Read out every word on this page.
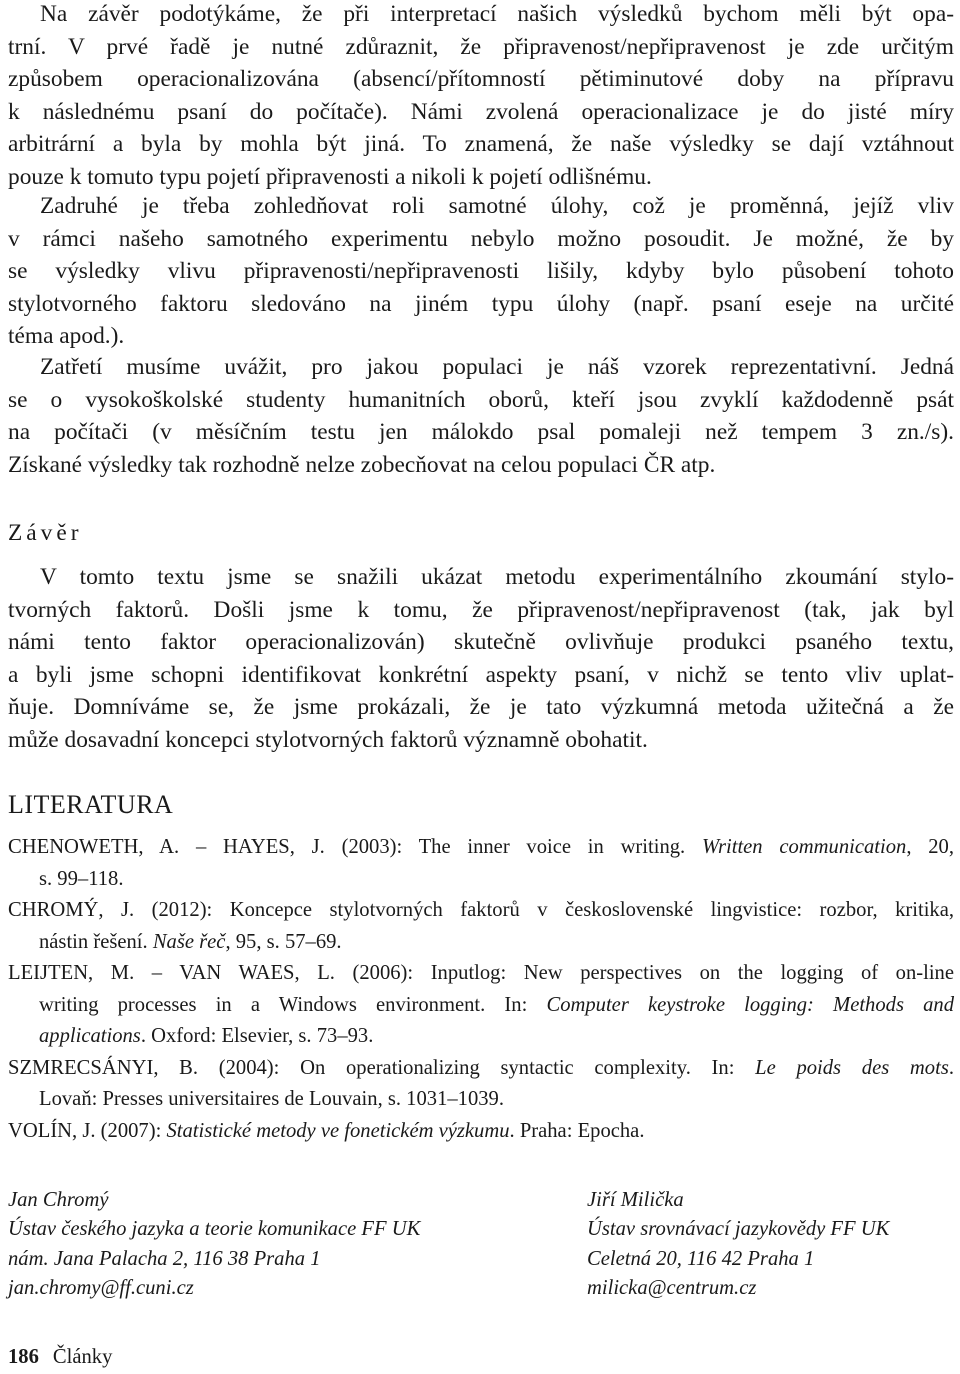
Na závěr podotýkáme, že při interpretací našich výsledků bychom měli být opa-
trní. V prvé řadě je nutné zdůraznit, že připravenost/nepřipravenost je zde určitým
způsobem operacionalizována (absencí/přítomností pětiminutové doby na přípravu
k následnému psaní do počítače). Námi zvolená operacionalizace je do jisté míry
arbitrární a byla by mohla být jiná. To znamená, že naše výsledky se dají vztáhnout
pouze k tomuto typu pojetí připravenosti a nikoli k pojetí odlišnému.
Zadruhé je třeba zohledňovat roli samotné úlohy, což je proměnná, jejíž vliv
v rámci našeho samotného experimentu nebylo možno posoudit. Je možné, že by
se výsledky vlivu připravenosti/nepřipravenosti lišily, kdyby bylo působení tohoto
stylotvorného faktoru sledováno na jiném typu úlohy (např. psaní eseje na určité
téma apod.).
Zatřetí musíme uvážit, pro jakou populaci je náš vzorek reprezentativní. Jedná
se o vysokoškolské studenty humanitních oborů, kteří jsou zvyklí každodenně psát
na počítači (v měsíčním testu jen málokdo psal pomaleji než tempem 3 zn./s).
Získané výsledky tak rozhodně nelze zobecňovat na celou populaci ČR atp.
Závěr
V tomto textu jsme se snažili ukázat metodu experimentálního zkoumání stylo-
tvorných faktorů. Došli jsme k tomu, že připravenost/nepřipravenost (tak, jak byl
námi tento faktor operacionalizován) skutečně ovlivňuje produkci psaného textu,
a byli jsme schopni identifikovat konkrétní aspekty psaní, v nichž se tento vliv uplat-
ňuje. Domníváme se, že jsme prokázali, že je tato výzkumná metoda užitečná a že
může dosavadní koncepci stylotvorných faktorů významně obohatit.
LITERATURA
CHENOWETH, A. – HAYES, J. (2003): The inner voice in writing. Written communication, 20,
s. 99–118.
CHROMÝ, J. (2012): Koncepce stylotvorných faktorů v československé lingvistice: rozbor, kritika,
nástin řešení. Naše řeč, 95, s. 57–69.
LEIJTEN, M. – VAN WAES, L. (2006): Inputlog: New perspectives on the logging of on-line
writing processes in a Windows environment. In: Computer keystroke logging: Methods and
applications. Oxford: Elsevier, s. 73–93.
SZMRECSÁNYI, B. (2004): On operationalizing syntactic complexity. In: Le poids des mots.
Lovaň: Presses universitaires de Louvain, s. 1031–1039.
VOLÍN, J. (2007): Statistické metody ve fonetickém výzkumu. Praha: Epocha.
Jan Chromý
Ústav českého jazyka a teorie komunikace FF UK
nám. Jana Palacha 2, 116 38 Praha 1
jan.chromy@ff.cuni.cz
Jiří Milička
Ústav srovnávací jazykovědy FF UK
Celetná 20, 116 42 Praha 1
milicka@centrum.cz
186 Články
